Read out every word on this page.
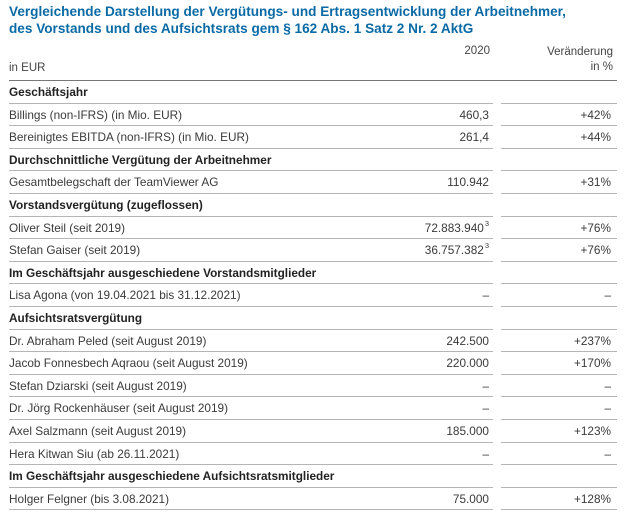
Vergleichende Darstellung der Vergütungs- und Ertragsentwicklung der Arbeitnehmer,
des Vorstands und des Aufsichtsrats gem § 162 Abs. 1 Satz 2 Nr. 2 AktG
in EUR
2020	Veränderung
in %
Geschäftsjahr
Billings (non-IFRS) (in Mio. EUR)	460,3	+42%
Bereinigtes EBITDA (non-IFRS) (in Mio. EUR)	261,4	+44%
Durchschnittliche Vergütung der Arbeitnehmer
Gesamtbelegschaft der TeamViewer AG	110.942	+31%
Vorstandsvergütung (zugeflossen)
Oliver Steil (seit 2019)	$72.883.940^3$	+76%
Stefan Gaiser (seit 2019)	$36.757.382^3$	+76%
Im Geschäftsjahr ausgeschiedene Vorstandsmitglieder
Lisa Agona (von 19.04.2021 bis 31.12.2021)	–	–
Aufsichtsratsvergütung
Dr. Abraham Peled (seit August 2019)	242.500	+237%
Jacob Fonnesbech Aqraou (seit August 2019)	220.000	+170%
Stefan Dziarski (seit August 2019)	–	–
Dr. Jörg Rockenhäuser (seit August 2019)	–	–
Axel Salzmann (seit August 2019)	185.000	+123%
Hera Kitwan Siu (ab 26.11.2021)	–	–
Im Geschäftsjahr ausgeschiedene Aufsichtsratsmitglieder
Holger Felgner (bis 3.08.2021)	75.000	+128%
